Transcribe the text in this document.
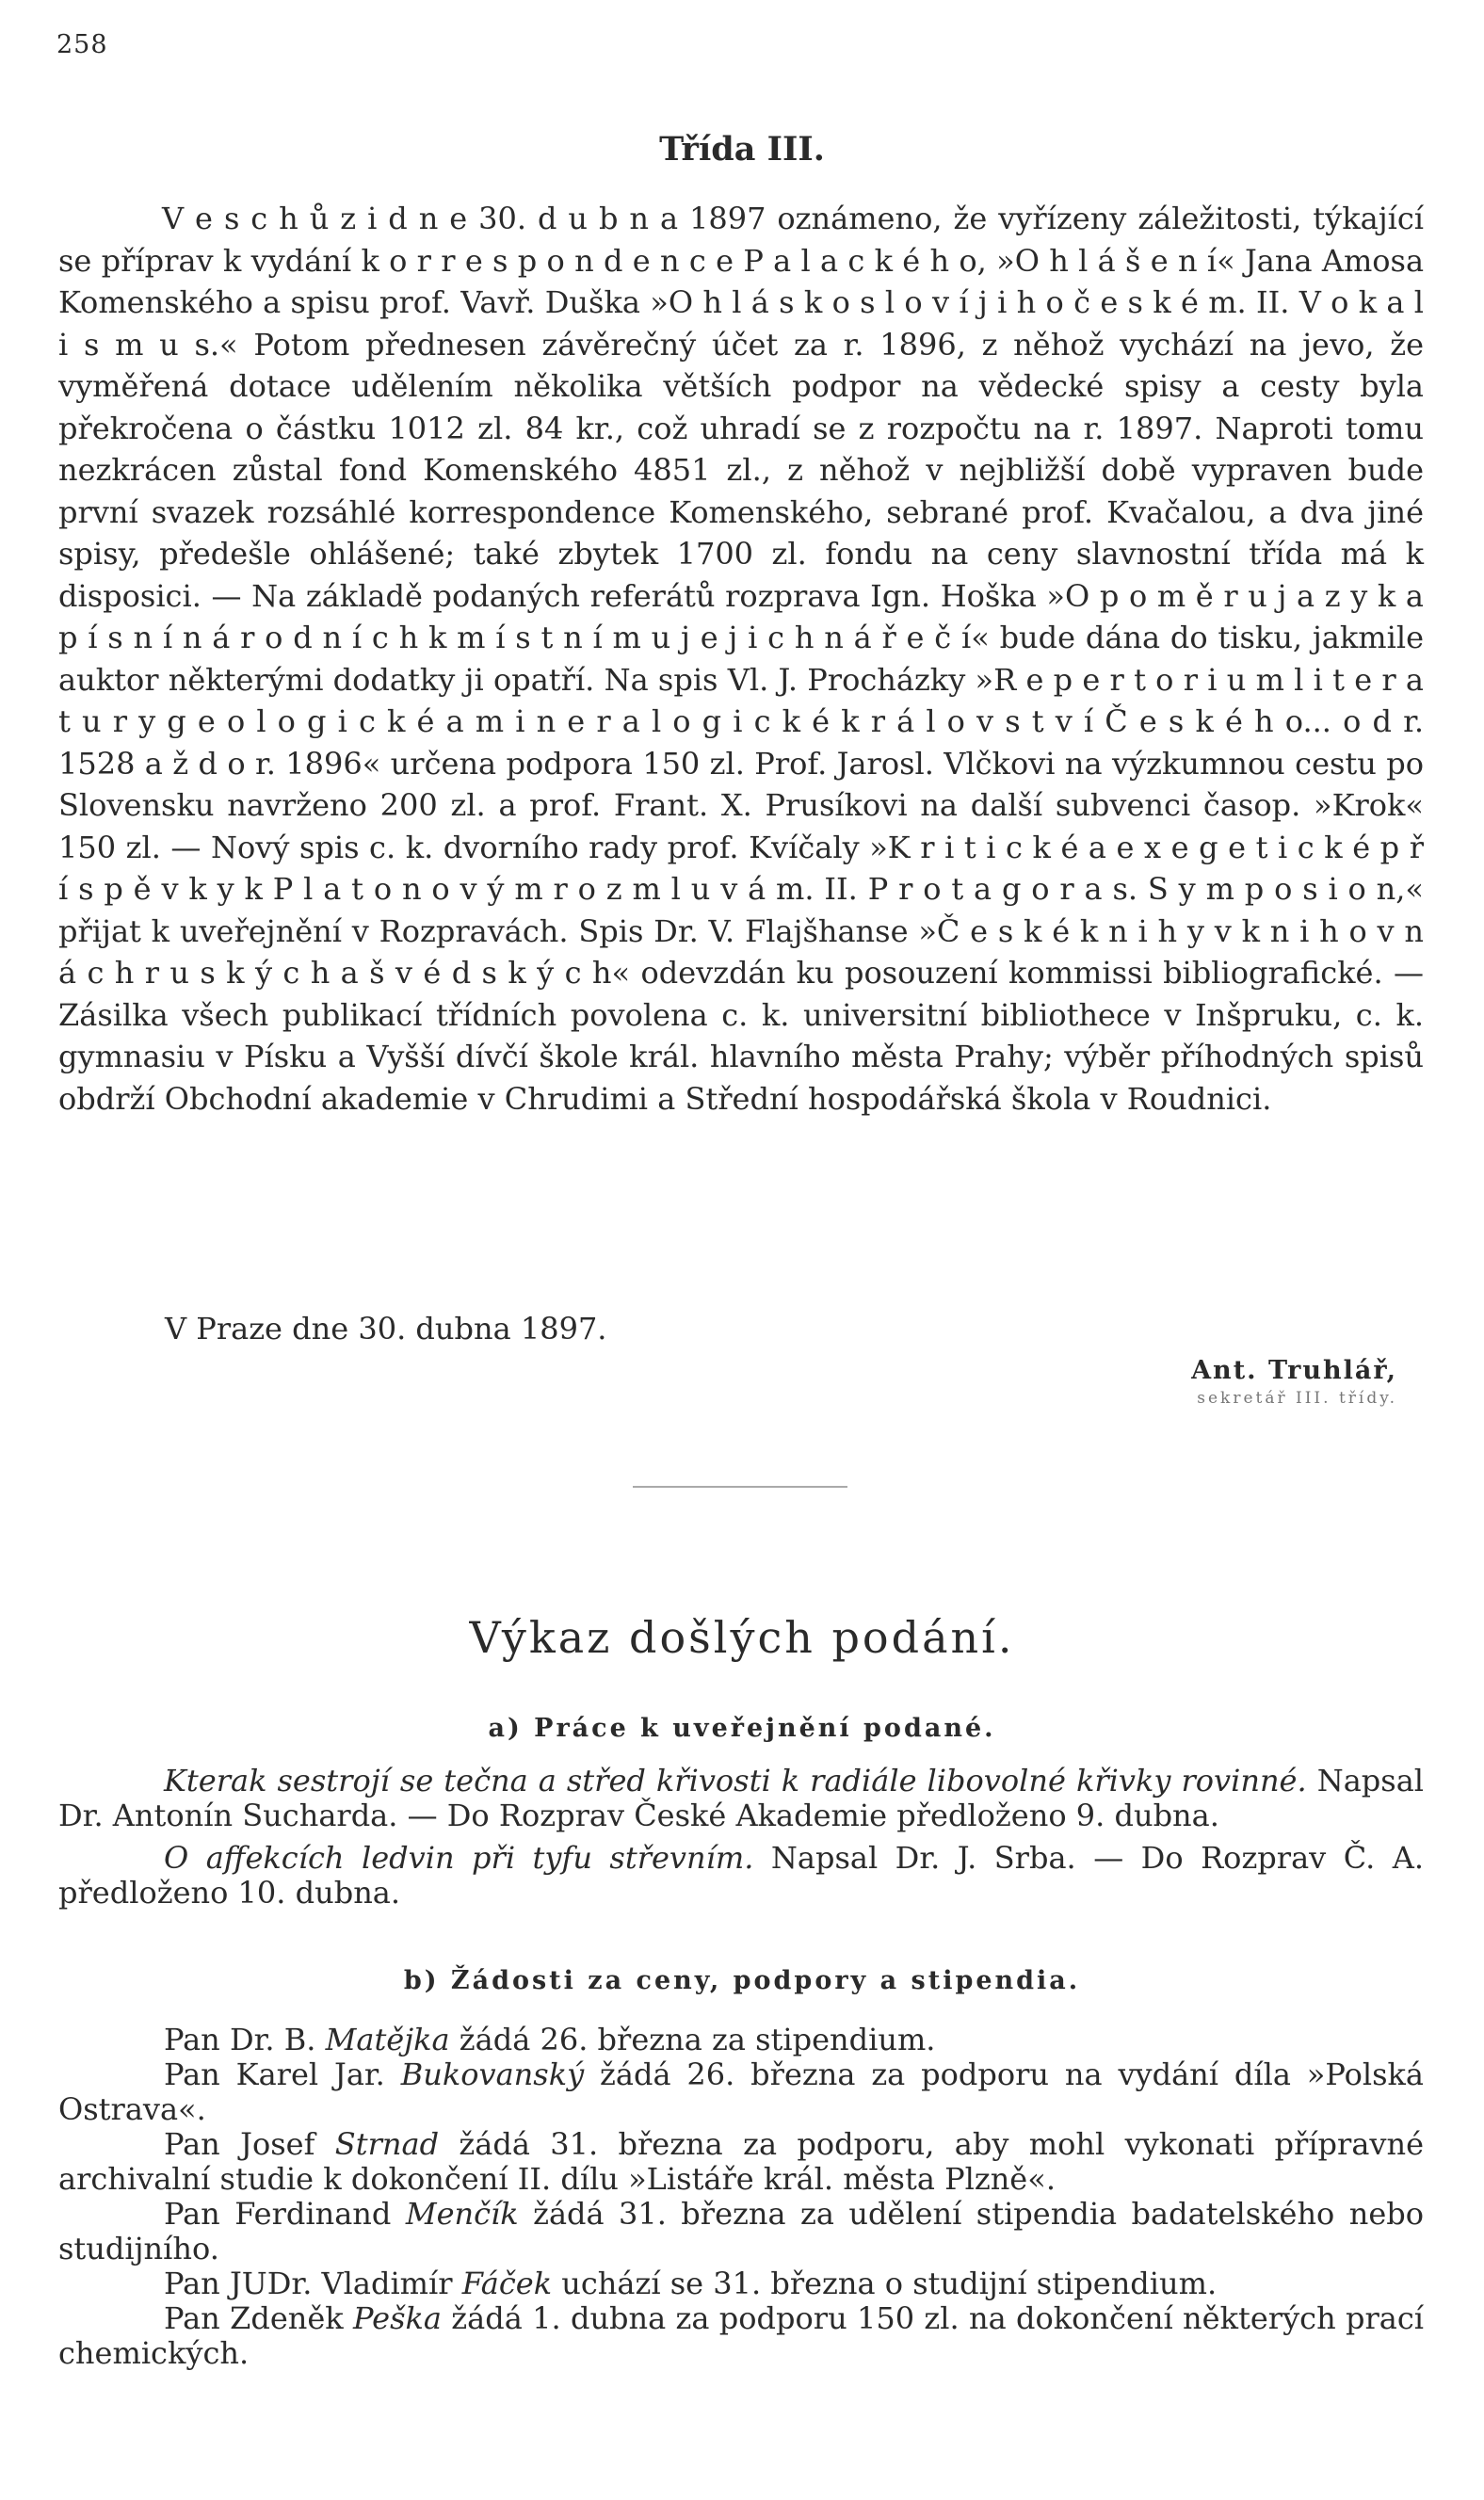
258
Třída III.
V e s c h ů z i d n e 30. d u b n a 1897 oznámeno, že vyřízeny záležitosti, týkající se příprav k vydání k o r r e s p o n d e n c e P a l a c k é h o, »O h l á š e n í« Jana Amosa Komenského a spisu prof. Vavř. Duška »O h l á s k o s l o v í j i h o č e s k é m. II. V o k a l i s m u s.« Potom přednesen závěrečný účet za r. 1896, z něhož vychází na jevo, že vyměřená dotace udělením několika větších podpor na vědecké spisy a cesty byla překročena o částku 1012 zl. 84 kr., což uhradí se z rozpočtu na r. 1897. Naproti tomu nezkrácen zůstal fond Komenského 4851 zl., z něhož v nejbližší době vypraven bude první svazek rozsáhlé korrespondence Komenského, sebrané prof. Kvačalou, a dva jiné spisy, předešle ohlášené; také zbytek 1700 zl. fondu na ceny slavnostní třída má k disposici. — Na základě podaných referátů rozprava Ign. Hoška »O p o m ě r u j a z y k a p í s n í n á r o d n í c h k m í s t n í m u j e j i c h n á ř e č í« bude dána do tisku, jakmile auktor některými dodatky ji opatří. Na spis Vl. J. Procházky »R e p e r t o r i u m l i t e r a t u r y g e o l o g i c k é a m i n e r a l o g i c k é k r á l o v s t v í Č e s k é h o... o d r. 1528 a ž d o r. 1896« určena podpora 150 zl. Prof. Jarosl. Vlčkovi na výzkumnou cestu po Slovensku navrženo 200 zl. a prof. Frant. X. Prusíkovi na další subvenci časop. »Krok« 150 zl. — Nový spis c. k. dvorního rady prof. Kvíčaly »K r i t i c k é a e x e g e t i c k é p ř í s p ě v k y k P l a t o n o v ý m r o z m l u v á m. II. P r o t a g o r a s. S y m p o s i o n,« přijat k uveřejnění v Rozpravách. Spis Dr. V. Flajšhanse »Č e s k é k n i h y v k n i h o v n á c h r u s k ý c h a š v é d s k ý c h« odevzdán ku posouzení kommissi bibliografické. — Zásilka všech publikací třídních povolena c. k. universitní bibliothece v Inšpruku, c. k. gymnasiu v Písku a Vyšší dívčí škole král. hlavního města Prahy; výběr příhodných spisů obdrží Obchodní akademie v Chrudimi a Střední hospodářská škola v Roudnici.
V Praze dne 30. dubna 1897.
Ant. Truhlář,
sekretář III. třídy.
Výkaz došlých podání.
a) Práce k uveřejnění podané.
Kterak sestrojí se tečna a střed křivosti k radiále libovolné křivky rovinné. Napsal Dr. Antonín Sucharda. — Do Rozprav České Akademie předloženo 9. dubna.
O affekcích ledvin při tyfu střevním. Napsal Dr. J. Srba. — Do Rozprav Č. A. předloženo 10. dubna.
b) Žádosti za ceny, podpory a stipendia.
Pan Dr. B. Matějka žádá 26. března za stipendium.
Pan Karel Jar. Bukovanský žádá 26. března za podporu na vydání díla »Polská Ostrava«.
Pan Josef Strnad žádá 31. března za podporu, aby mohl vykonati přípravné archivalní studie k dokončení II. dílu »Listáře král. města Plzně«.
Pan Ferdinand Menčík žádá 31. března za udělení stipendia badatelského nebo studijního.
Pan JUDr. Vladimír Fáček uchází se 31. března o studijní stipendium.
Pan Zdeněk Peška žádá 1. dubna za podporu 150 zl. na dokončení některých prací chemických.
